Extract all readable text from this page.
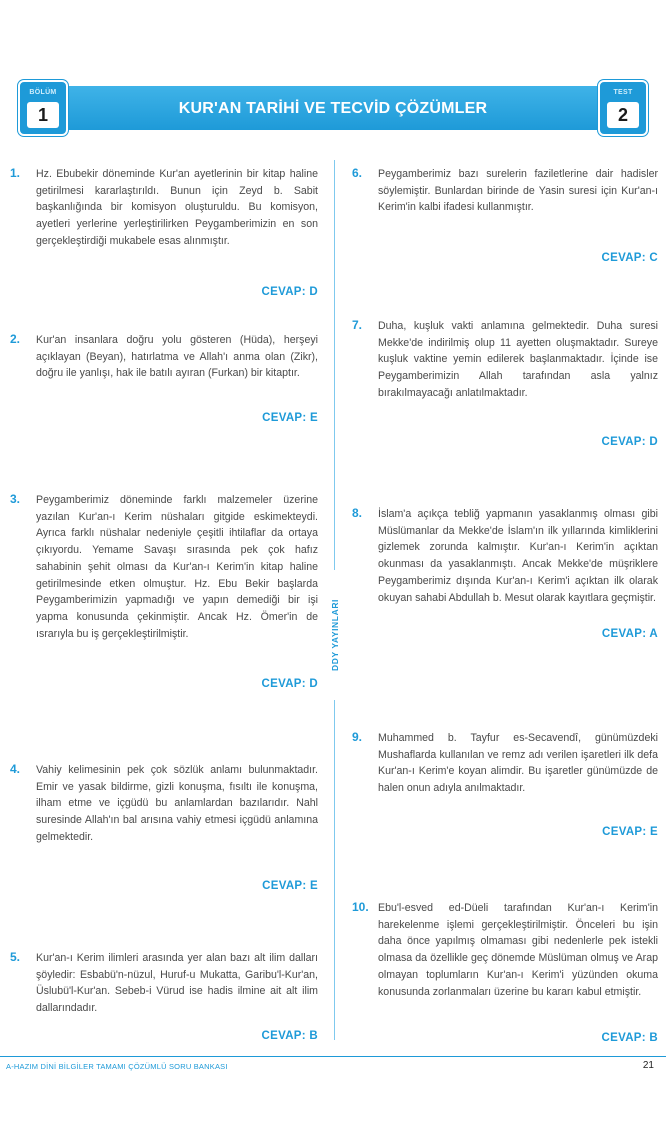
KUR'AN TARİHİ VE TECVİD ÇÖZÜMLER
BÖLÜM
1
TEST
2
1. Hz. Ebubekir döneminde Kur'an ayetlerinin bir kitap haline getirilmesi kararlaştırıldı. Bunun için Zeyd b. Sabit başkanlığında bir komisyon oluşturuldu. Bu komisyon, ayetleri yerlerine yerleştirilirken Peygamberimizin en son gerçekleştirdiği mukabele esas alınmıştır.
CEVAP: D
2. Kur'an insanlara doğru yolu gösteren (Hüda), herşeyi açıklayan (Beyan), hatırlatma ve Allah'ı anma olan (Zikr), doğru ile yanlışı, hak ile batılı ayıran (Furkan) bir kitaptır.
CEVAP: E
3. Peygamberimiz döneminde farklı malzemeler üzerine yazılan Kur'an-ı Kerim nüshaları gitgide eskimekteydi. Ayrıca farklı nüshalar nedeniyle çeşitli ihtilaflar da ortaya çıkıyordu. Yemame Savaşı sırasında pek çok hafız sahabinin şehit olması da Kur'an-ı Kerim'in kitap haline getirilmesinde etken olmuştur. Hz. Ebu Bekir başlarda Peygamberimizin yapmadığı ve yapın demediği bir işi yapma konusunda çekinmiştir. Ancak Hz. Ömer'in de ısrarıyla bu iş gerçekleştirilmiştir.
CEVAP: D
4. Vahiy kelimesinin pek çok sözlük anlamı bulunmaktadır. Emir ve yasak bildirme, gizli konuşma, fısıltı ile konuşma, ilham etme ve içgüdü bu anlamlardan bazılarıdır. Nahl suresinde Allah'ın bal arısına vahiy etmesi içgüdü anlamına gelmektedir.
CEVAP: E
5. Kur'an-ı Kerim ilimleri arasında yer alan bazı alt ilim dalları şöyledir: Esbabü'n-nüzul, Huruf-u Mukatta, Garibu'l-Kur'an, Üslubü'l-Kur'an. Sebeb-i Vürud ise hadis ilmine ait alt ilim dallarındadır.
CEVAP: B
DDY YAYINLARI
6. Peygamberimiz bazı surelerin faziletlerine dair hadisler söylemiştir. Bunlardan birinde de Yasin suresi için Kur'an-ı Kerim'in kalbi ifadesi kullanmıştır.
CEVAP: C
7. Duha, kuşluk vakti anlamına gelmektedir. Duha suresi Mekke'de indirilmiş olup 11 ayetten oluşmaktadır. Sureye kuşluk vaktine yemin edilerek başlanmaktadır. İçinde ise Peygamberimizin Allah tarafından asla yalnız bırakılmayacağı anlatılmaktadır.
CEVAP: D
8. İslam'a açıkça tebliğ yapmanın yasaklanmış olması gibi Müslümanlar da Mekke'de İslam'ın ilk yıllarında kimliklerini gizlemek zorunda kalmıştır. Kur'an-ı Kerim'in açıktan okunması da yasaklanmıştı. Ancak Mekke'de müşriklere Peygamberimiz dışında Kur'an-ı Kerim'i açıktan ilk olarak okuyan sahabi Abdullah b. Mesut olarak kayıtlara geçmiştir.
CEVAP: A
9. Muhammed b. Tayfur es-Secavendî, günümüzdeki Mushaflarda kullanılan ve remz adı verilen işaretleri ilk defa Kur'an-ı Kerim'e koyan alimdir. Bu işaretler günümüzde de halen onun adıyla anılmaktadır.
CEVAP: E
10. Ebu'l-esved ed-Düeli tarafından Kur'an-ı Kerim'in harekelenme işlemi gerçekleştirilmiştir. Önceleri bu işin daha önce yapılmış olmaması gibi nedenlerle pek istekli olmasa da özellikle geç dönemde Müslüman olmuş ve Arap olmayan toplumların Kur'an-ı Kerim'i yüzünden okuma konusunda zorlanmaları üzerine bu kararı kabul etmiştir.
CEVAP: B
A-HAZIM DİNİ BİLGİLER TAMAMI ÇÖZÜMLÜ SORU BANKASI	21
